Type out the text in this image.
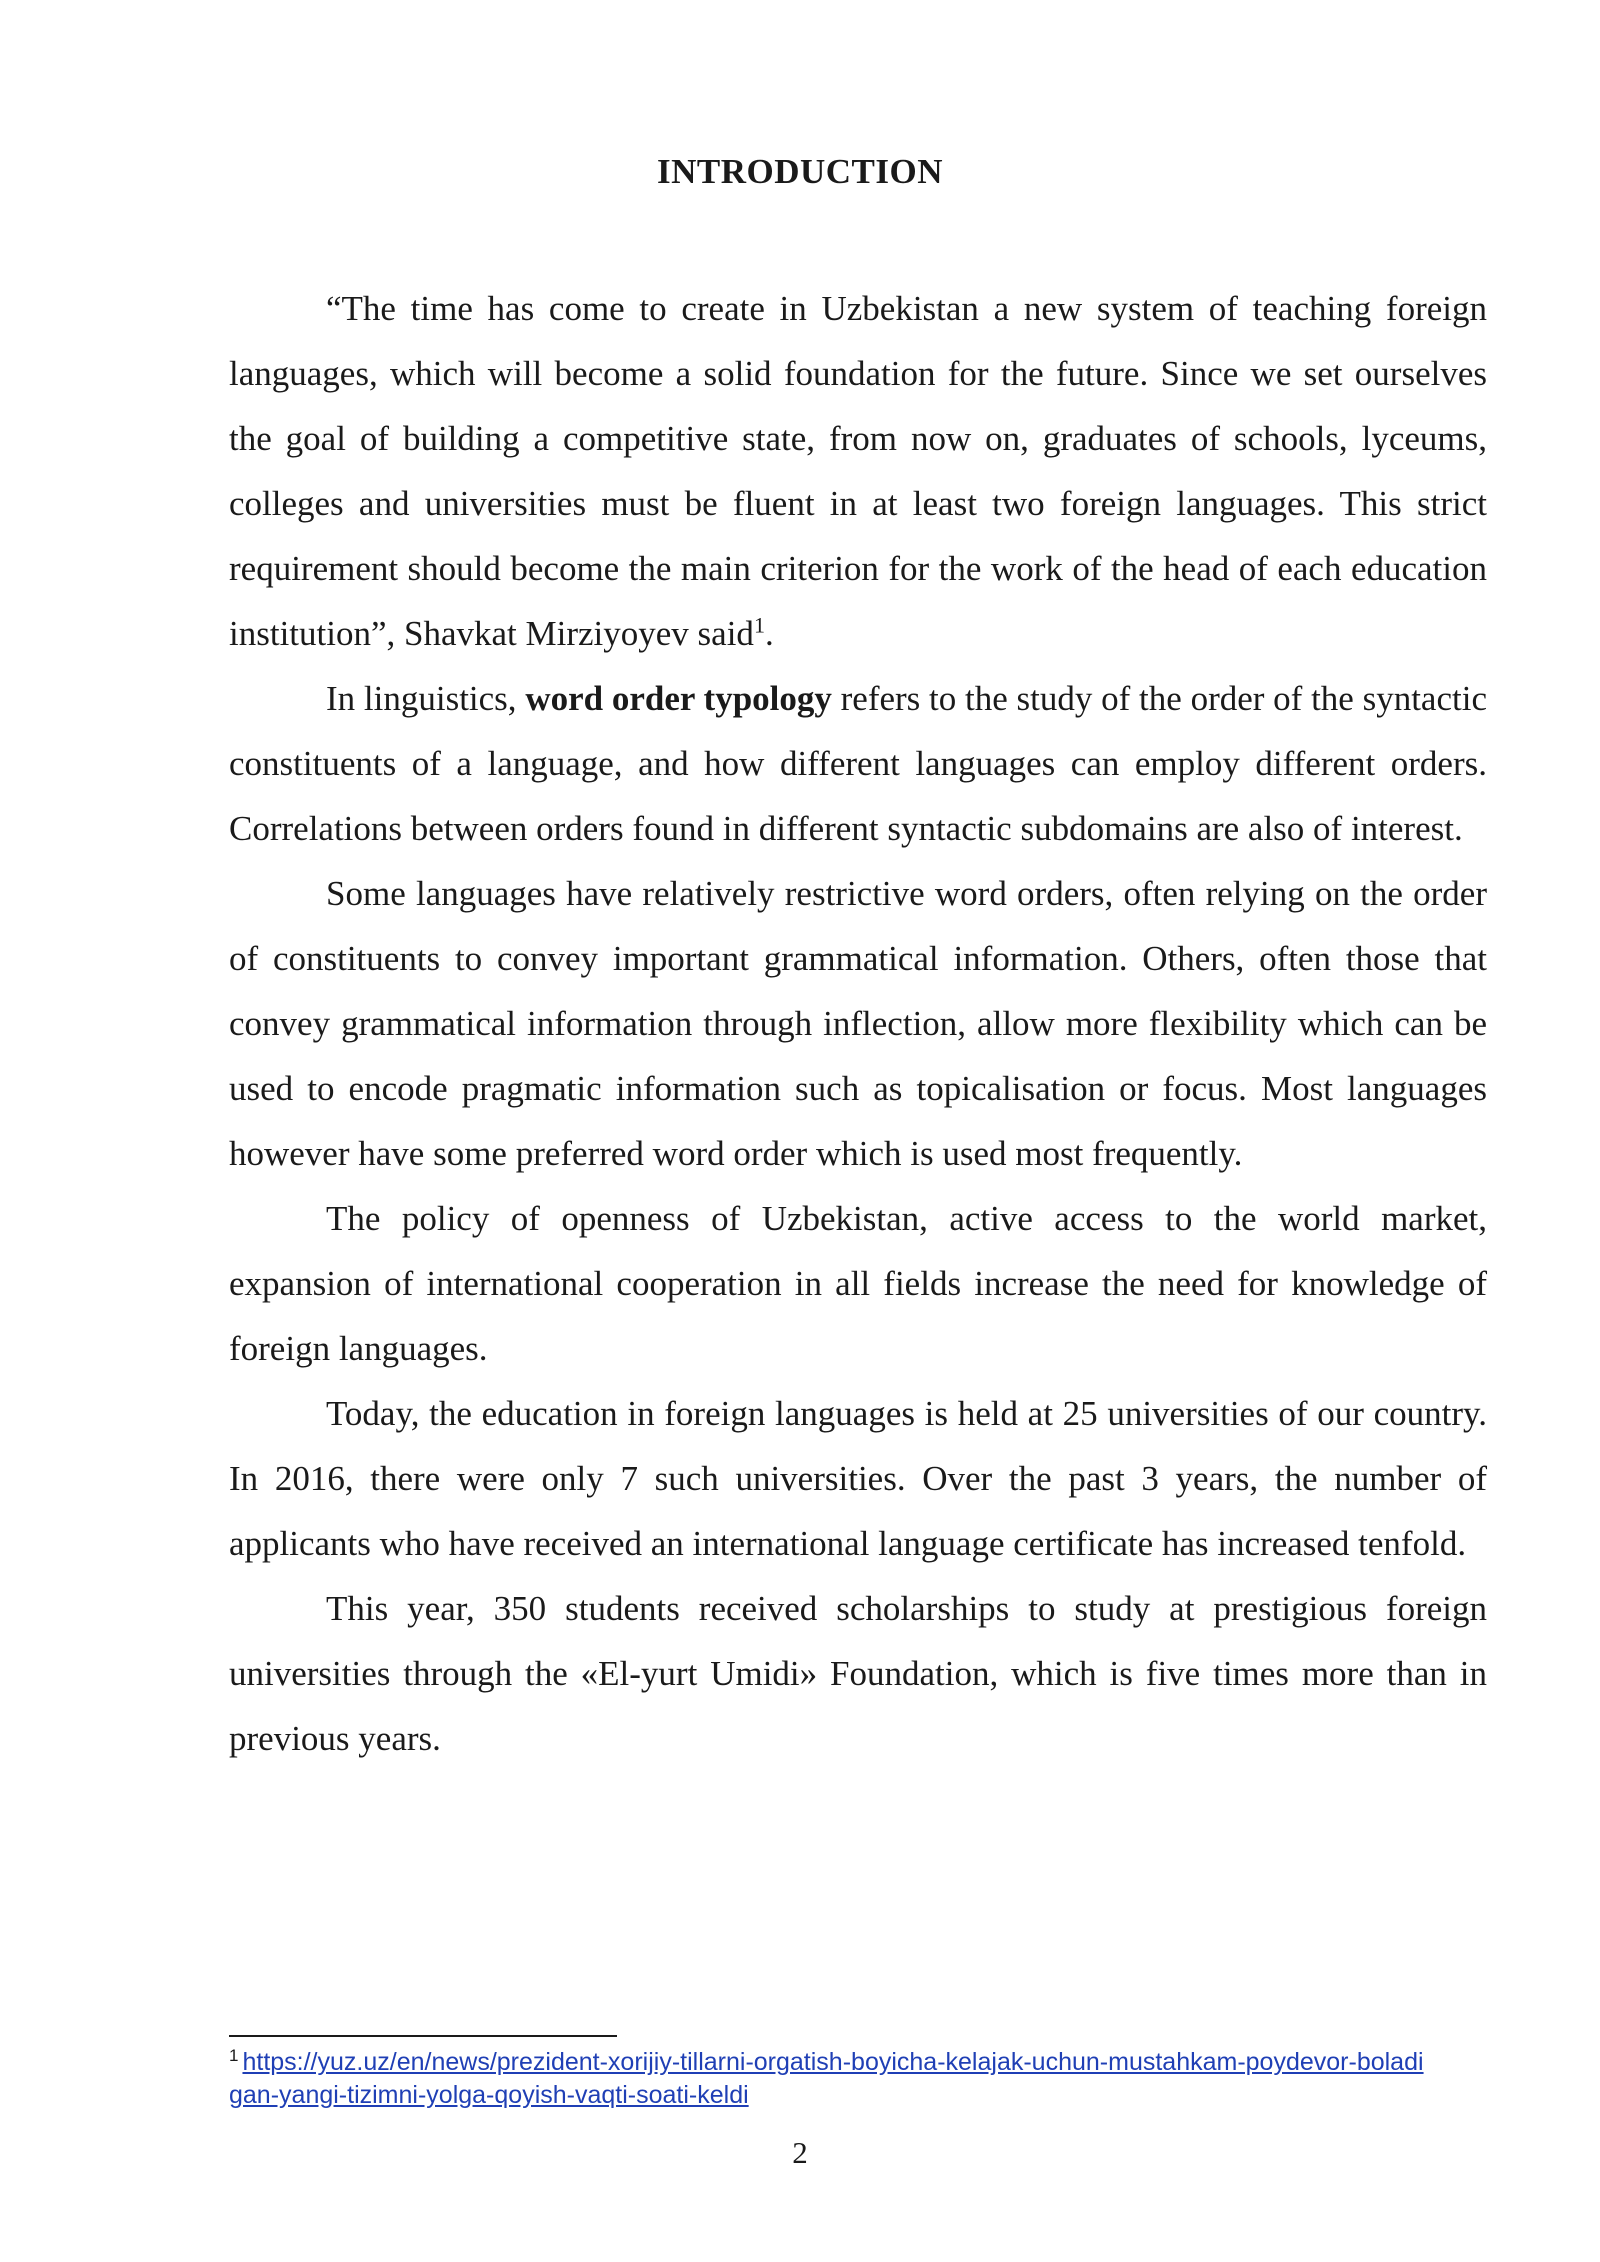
INTRODUCTION

“The time has come to create in Uzbekistan a new system of teaching foreign languages, which will become a solid foundation for the future. Since we set ourselves the goal of building a competitive state, from now on, graduates of schools, lyceums, colleges and universities must be fluent in at least two foreign languages. This strict requirement should become the main criterion for the work of the head of each education institution”, Shavkat Mirziyoyev said$^1$.

In linguistics, word order typology refers to the study of the order of the syntactic constituents of a language, and how different languages can employ different orders. Correlations between orders found in different syntactic subdomains are also of interest.

Some languages have relatively restrictive word orders, often relying on the order of constituents to convey important grammatical information. Others, often those that convey grammatical information through inflection, allow more flexibility which can be used to encode pragmatic information such as topicalisation or focus. Most languages however have some preferred word order which is used most frequently.

The policy of openness of Uzbekistan, active access to the world market, expansion of international cooperation in all fields increase the need for knowledge of foreign languages.

Today, the education in foreign languages is held at 25 universities of our country. In 2016, there were only 7 such universities. Over the past 3 years, the number of applicants who have received an international language certificate has increased tenfold.

This year, 350 students received scholarships to study at prestigious foreign universities through the «El-yurt Umidi» Foundation, which is five times more than in previous years.

$^1$ https://yuz.uz/en/news/prezident-xorijiy-tillarni-orgatish-boyicha-kelajak-uchun-mustahkam-poydevor-boladigan-yangi-tizimni-yolga-qoyish-vaqti-soati-keldi
2
